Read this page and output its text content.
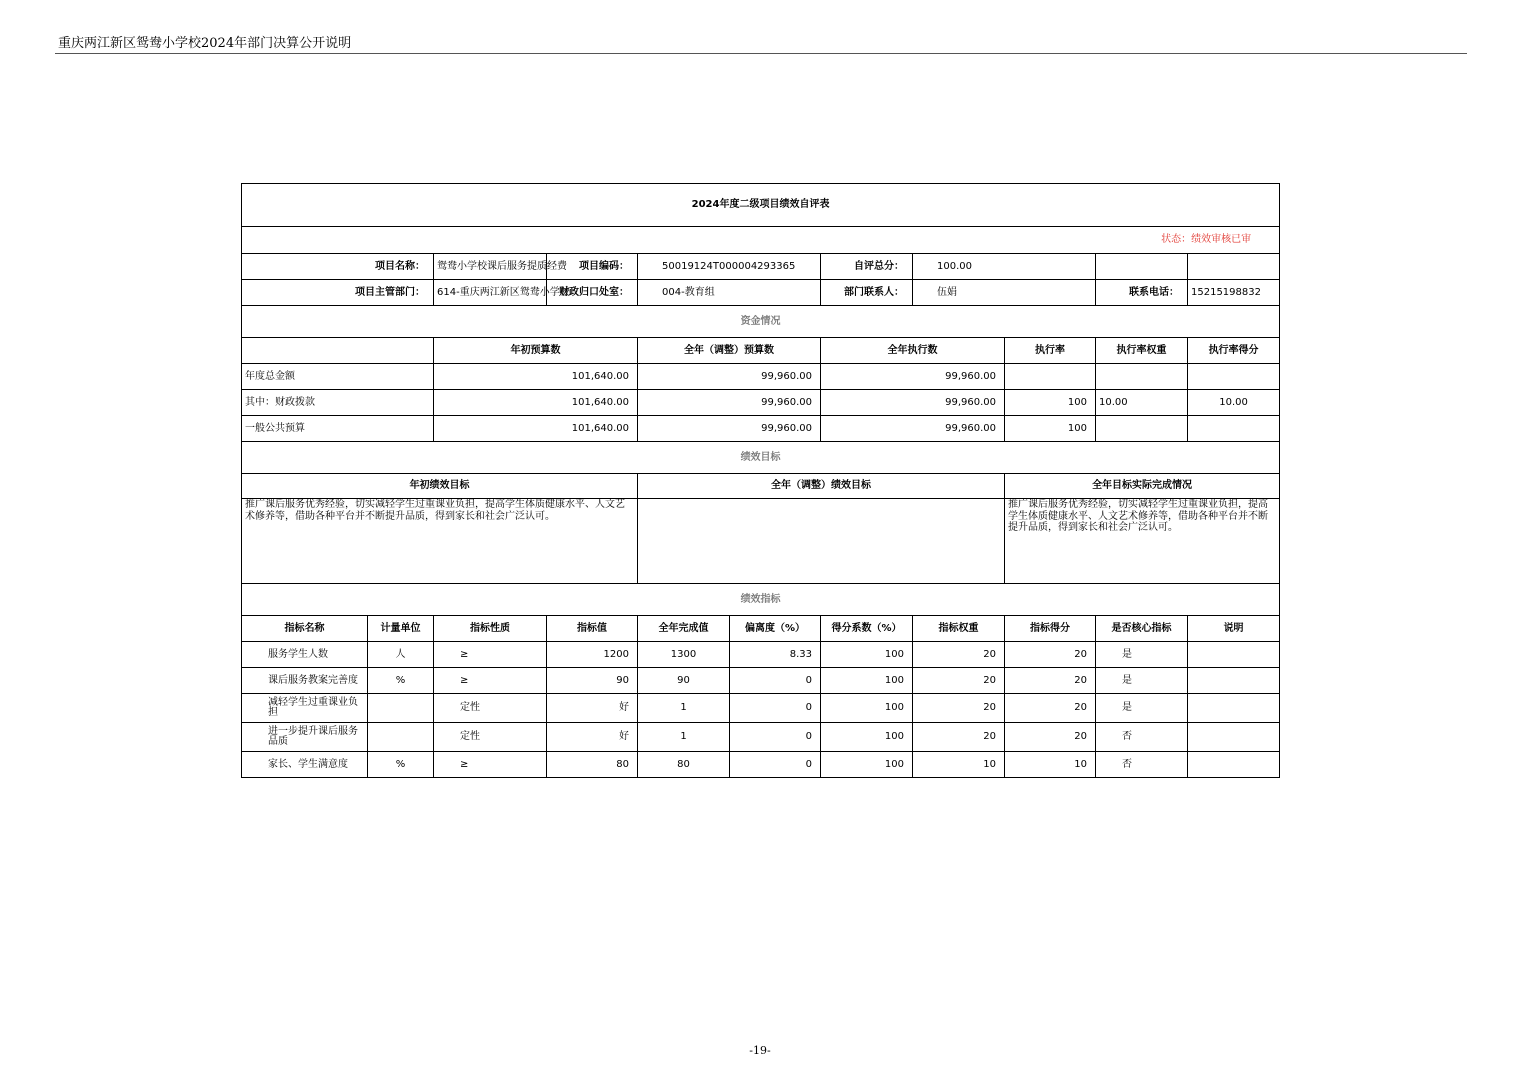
重庆两江新区鸳鸯小学校2024年部门决算公开说明
2024年度二级项目绩效自评表										
状态：绩效审核已审										
项目名称：		鸳鸯小学校课后服务提质经费	项目编码：	50019124T000004293365		自评总分：	100.00			
项目主管部门：		614-重庆两江新区鸳鸯小学校	财政归口处室：	004-教育组		部门联系人：	伍娟		联系电话：	15215198832
资金情况										
		年初预算数		全年（调整）预算数		全年执行数		执行率	执行率权重	执行率得分
年度总金额		101,640.00		99,960.00		99,960.00				
其中：财政拨款		101,640.00		99,960.00		99,960.00		100	10.00	10.00
一般公共预算		101,640.00		99,960.00		99,960.00		100		
绩效目标										
年初绩效目标				全年（调整）绩效目标				全年目标实际完成情况		
推广课后服务优秀经验，切实减轻学生过重课业负担，提高学生体质健康水平、人文艺术修养等，借助各种平台并不断提升品质，得到家长和社会广泛认可。								推广课后服务优秀经验，切实减轻学生过重课业负担，提高学生体质健康水平、人文艺术修养等，借助各种平台并不断提升品质，得到家长和社会广泛认可。		
绩效指标										
指标名称	计量单位	指标性质	指标值	全年完成值	偏离度（%）	得分系数（%）	指标权重	指标得分	是否核心指标	说明
服务学生人数	人	≥	1200	1300	8.33	100	20	20	是	
课后服务教案完善度	%	≥	90	90	0	100	20	20	是	
减轻学生过重课业负担		定性	好	1	0	100	20	20	是	
进一步提升课后服务品质		定性	好	1	0	100	20	20	否	
家长、学生满意度	%	≥	80	80	0	100	10	10	否	
-19-
